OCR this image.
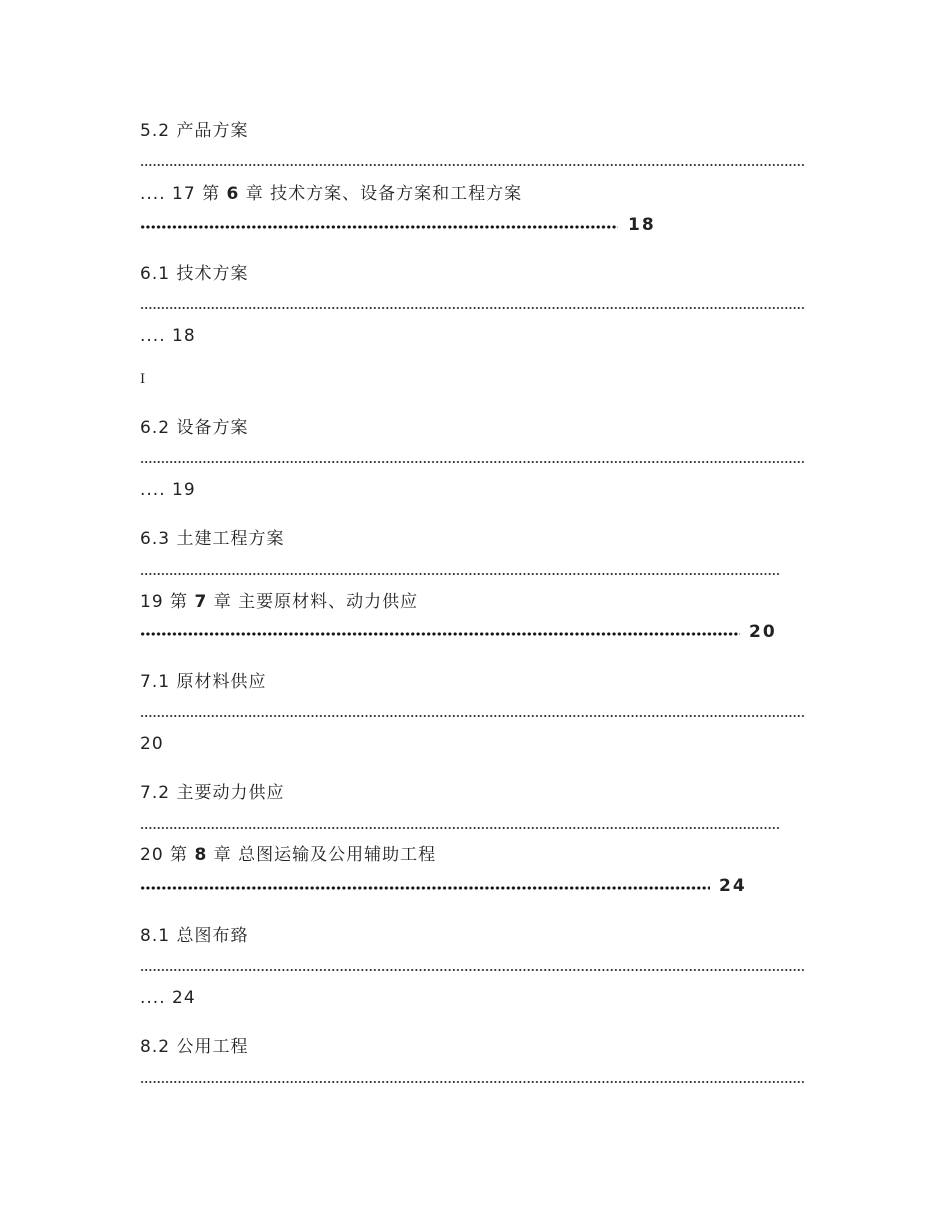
5.2 产品方案
.... 17 第 6 章 技术方案、设备方案和工程方案
18
6.1 技术方案
.... 18
I
6.2 设备方案
.... 19
6.3 土建工程方案
19 第 7 章 主要原材料、动力供应
20
7.1 原材料供应
20
7.2 主要动力供应
20 第 8 章 总图运输及公用辅助工程
24
8.1 总图布臵
.... 24
8.2 公用工程
